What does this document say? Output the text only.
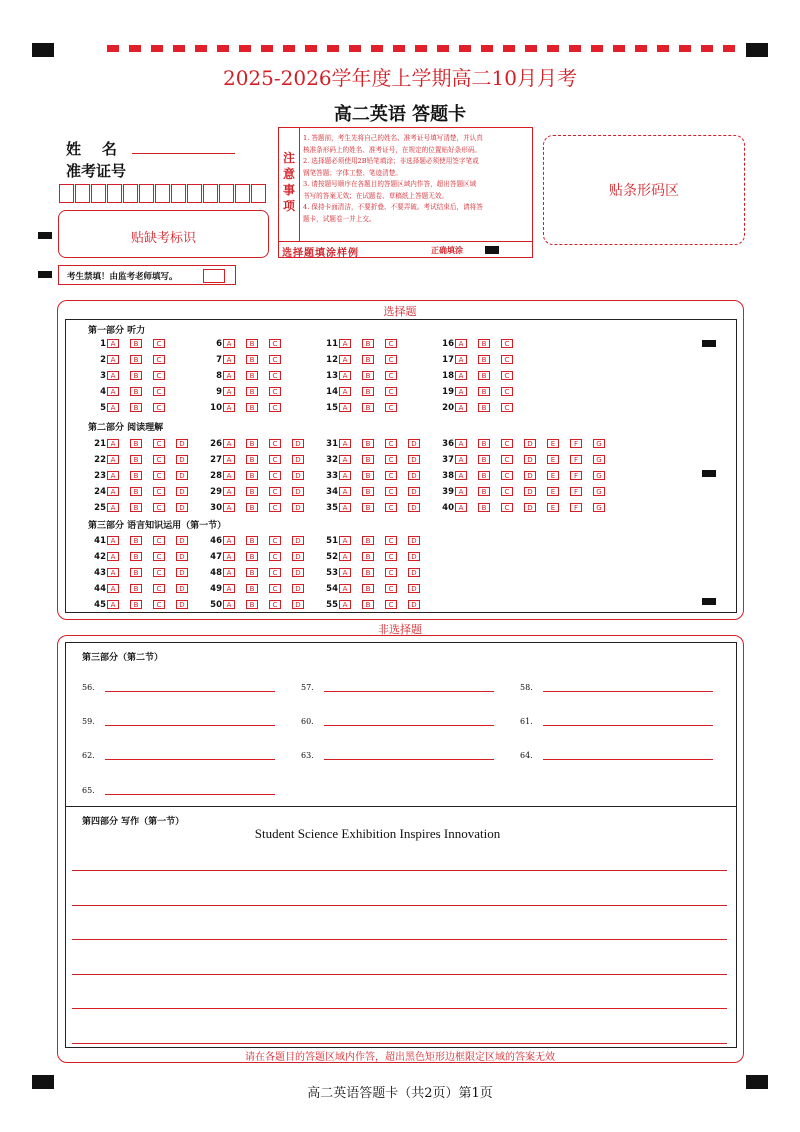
2025-2026学年度上学期高二10月月考
高二英语 答题卡
姓    名
准考证号
贴缺考标识
考生禁填！由监考老师填写。
注
意
事
项
1. 答题前，考生先将自己的姓名、准考证号填写清楚，并认真
核准条形码上的姓名、准考证号，在规定的位置贴好条形码。
2. 选择题必须使用2B铅笔填涂；非选择题必须使用签字笔或
钢笔答题；字体工整、笔迹清楚。
3. 请按题号顺序在各题目的答题区域内作答，超出答题区域
书写的答案无效；在试题卷、草稿纸上答题无效。
4. 保持卡面清洁，不要折叠、不要弄破。考试结束后，请将答
题卡，试题卷一并上交。
选择题填涂样例	正确填涂
贴条形码区
选择题
第一部分 听力
第二部分 阅读理解
第三部分 语言知识运用（第一节）
1 A	B	C
2 A	B	C
3 A	B	C
4 A	B	C
5 A	B	C
6 A	B	C
7 A	B	C
8 A	B	C
9 A	B	C
10 A	B	C
11 A	B	C
12 A	B	C
13 A	B	C
14 A	B	C
15 A	B	C
16 A	B	C
17 A	B	C
18 A	B	C
19 A	B	C
20 A	B	C
21 A	B	C	D
22 A	B	C	D
23 A	B	C	D
24 A	B	C	D
25 A	B	C	D
26 A	B	C	D
27 A	B	C	D
28 A	B	C	D
29 A	B	C	D
30 A	B	C	D
31 A	B	C	D
32 A	B	C	D
33 A	B	C	D
34 A	B	C	D
35 A	B	C	D
36 A	B	C	D	E	F	G
37 A	B	C	D	E	F	G
38 A	B	C	D	E	F	G
39 A	B	C	D	E	F	G
40 A	B	C	D	E	F	G
41 A	B	C	D
42 A	B	C	D
43 A	B	C	D
44 A	B	C	D
45 A	B	C	D
46 A	B	C	D
47 A	B	C	D
48 A	B	C	D
49 A	B	C	D
50 A	B	C	D
51 A	B	C	D
52 A	B	C	D
53 A	B	C	D
54 A	B	C	D
55 A	B	C	D
非选择题
第三部分（第二节）
56.	57.	58.
59.	60.	61.
62.	63.	64.
65.
第四部分 写作（第一节）
Student Science Exhibition Inspires Innovation
请在各题目的答题区域内作答，超出黑色矩形边框限定区域的答案无效
高二英语答题卡（共2页）第1页
